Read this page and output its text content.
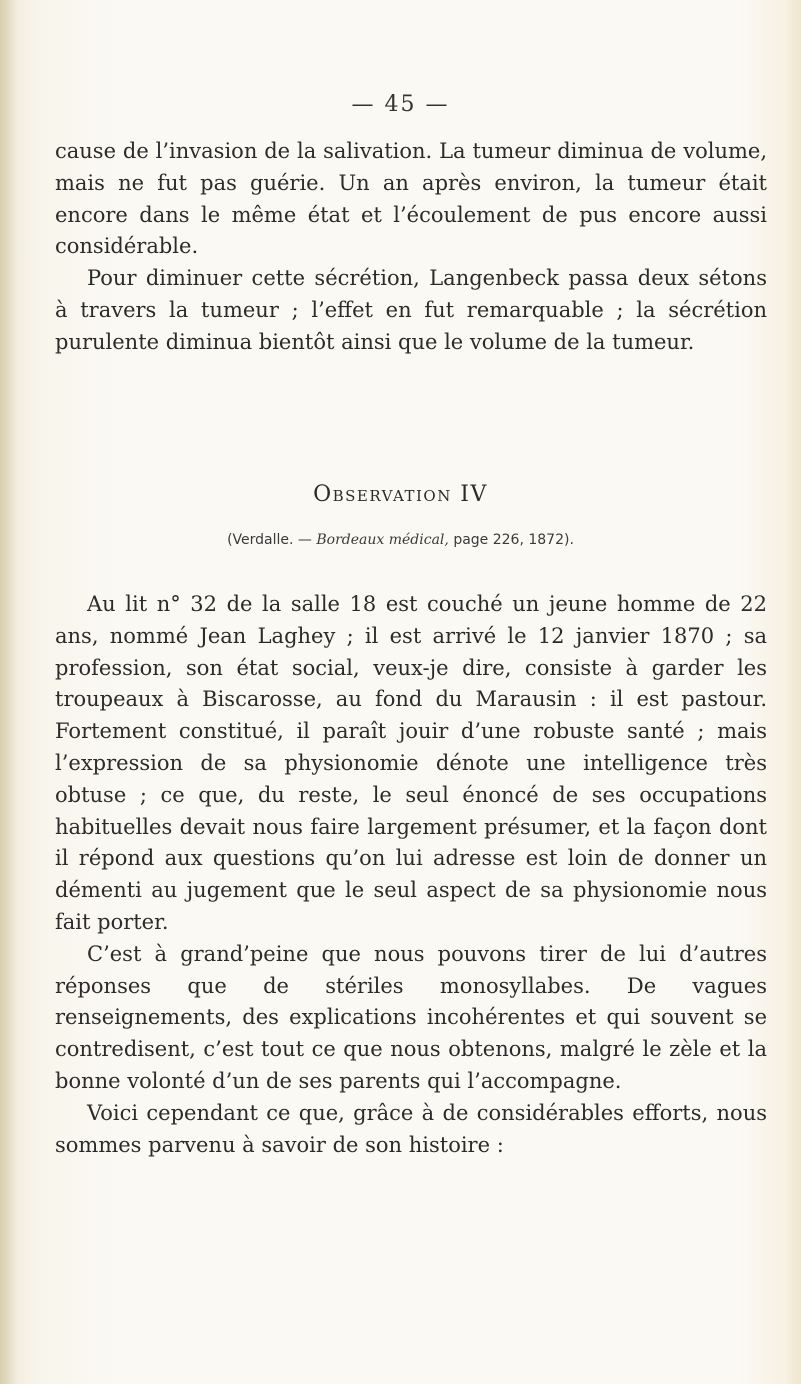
— 45 —

cause de l’invasion de la salivation. La tumeur diminua de volume, mais ne fut pas guérie. Un an après environ, la tumeur était encore dans le même état et l’écoulement de pus encore aussi considérable.

Pour diminuer cette sécrétion, Langenbeck passa deux sétons à travers la tumeur ; l’effet en fut remarquable ; la sécrétion purulente diminua bientôt ainsi que le volume de la tumeur.

Observation IV
(Verdalle. — Bordeaux médical, page 226, 1872).

Au lit n° 32 de la salle 18 est couché un jeune homme de 22 ans, nommé Jean Laghey ; il est arrivé le 12 janvier 1870 ; sa profession, son état social, veux-je dire, consiste à garder les troupeaux à Biscarosse, au fond du Marausin : il est pastour. Fortement constitué, il paraît jouir d’une robuste santé ; mais l’expression de sa physionomie dénote une intelligence très obtuse ; ce que, du reste, le seul énoncé de ses occupations habituelles devait nous faire largement présumer, et la façon dont il répond aux questions qu’on lui adresse est loin de donner un démenti au jugement que le seul aspect de sa physionomie nous fait porter.

C’est à grand’peine que nous pouvons tirer de lui d’autres réponses que de stériles monosyllabes. De vagues renseignements, des explications incohérentes et qui souvent se contredisent, c’est tout ce que nous obtenons, malgré le zèle et la bonne volonté d’un de ses parents qui l’accompagne.

Voici cependant ce que, grâce à de considérables efforts, nous sommes parvenu à savoir de son histoire :
